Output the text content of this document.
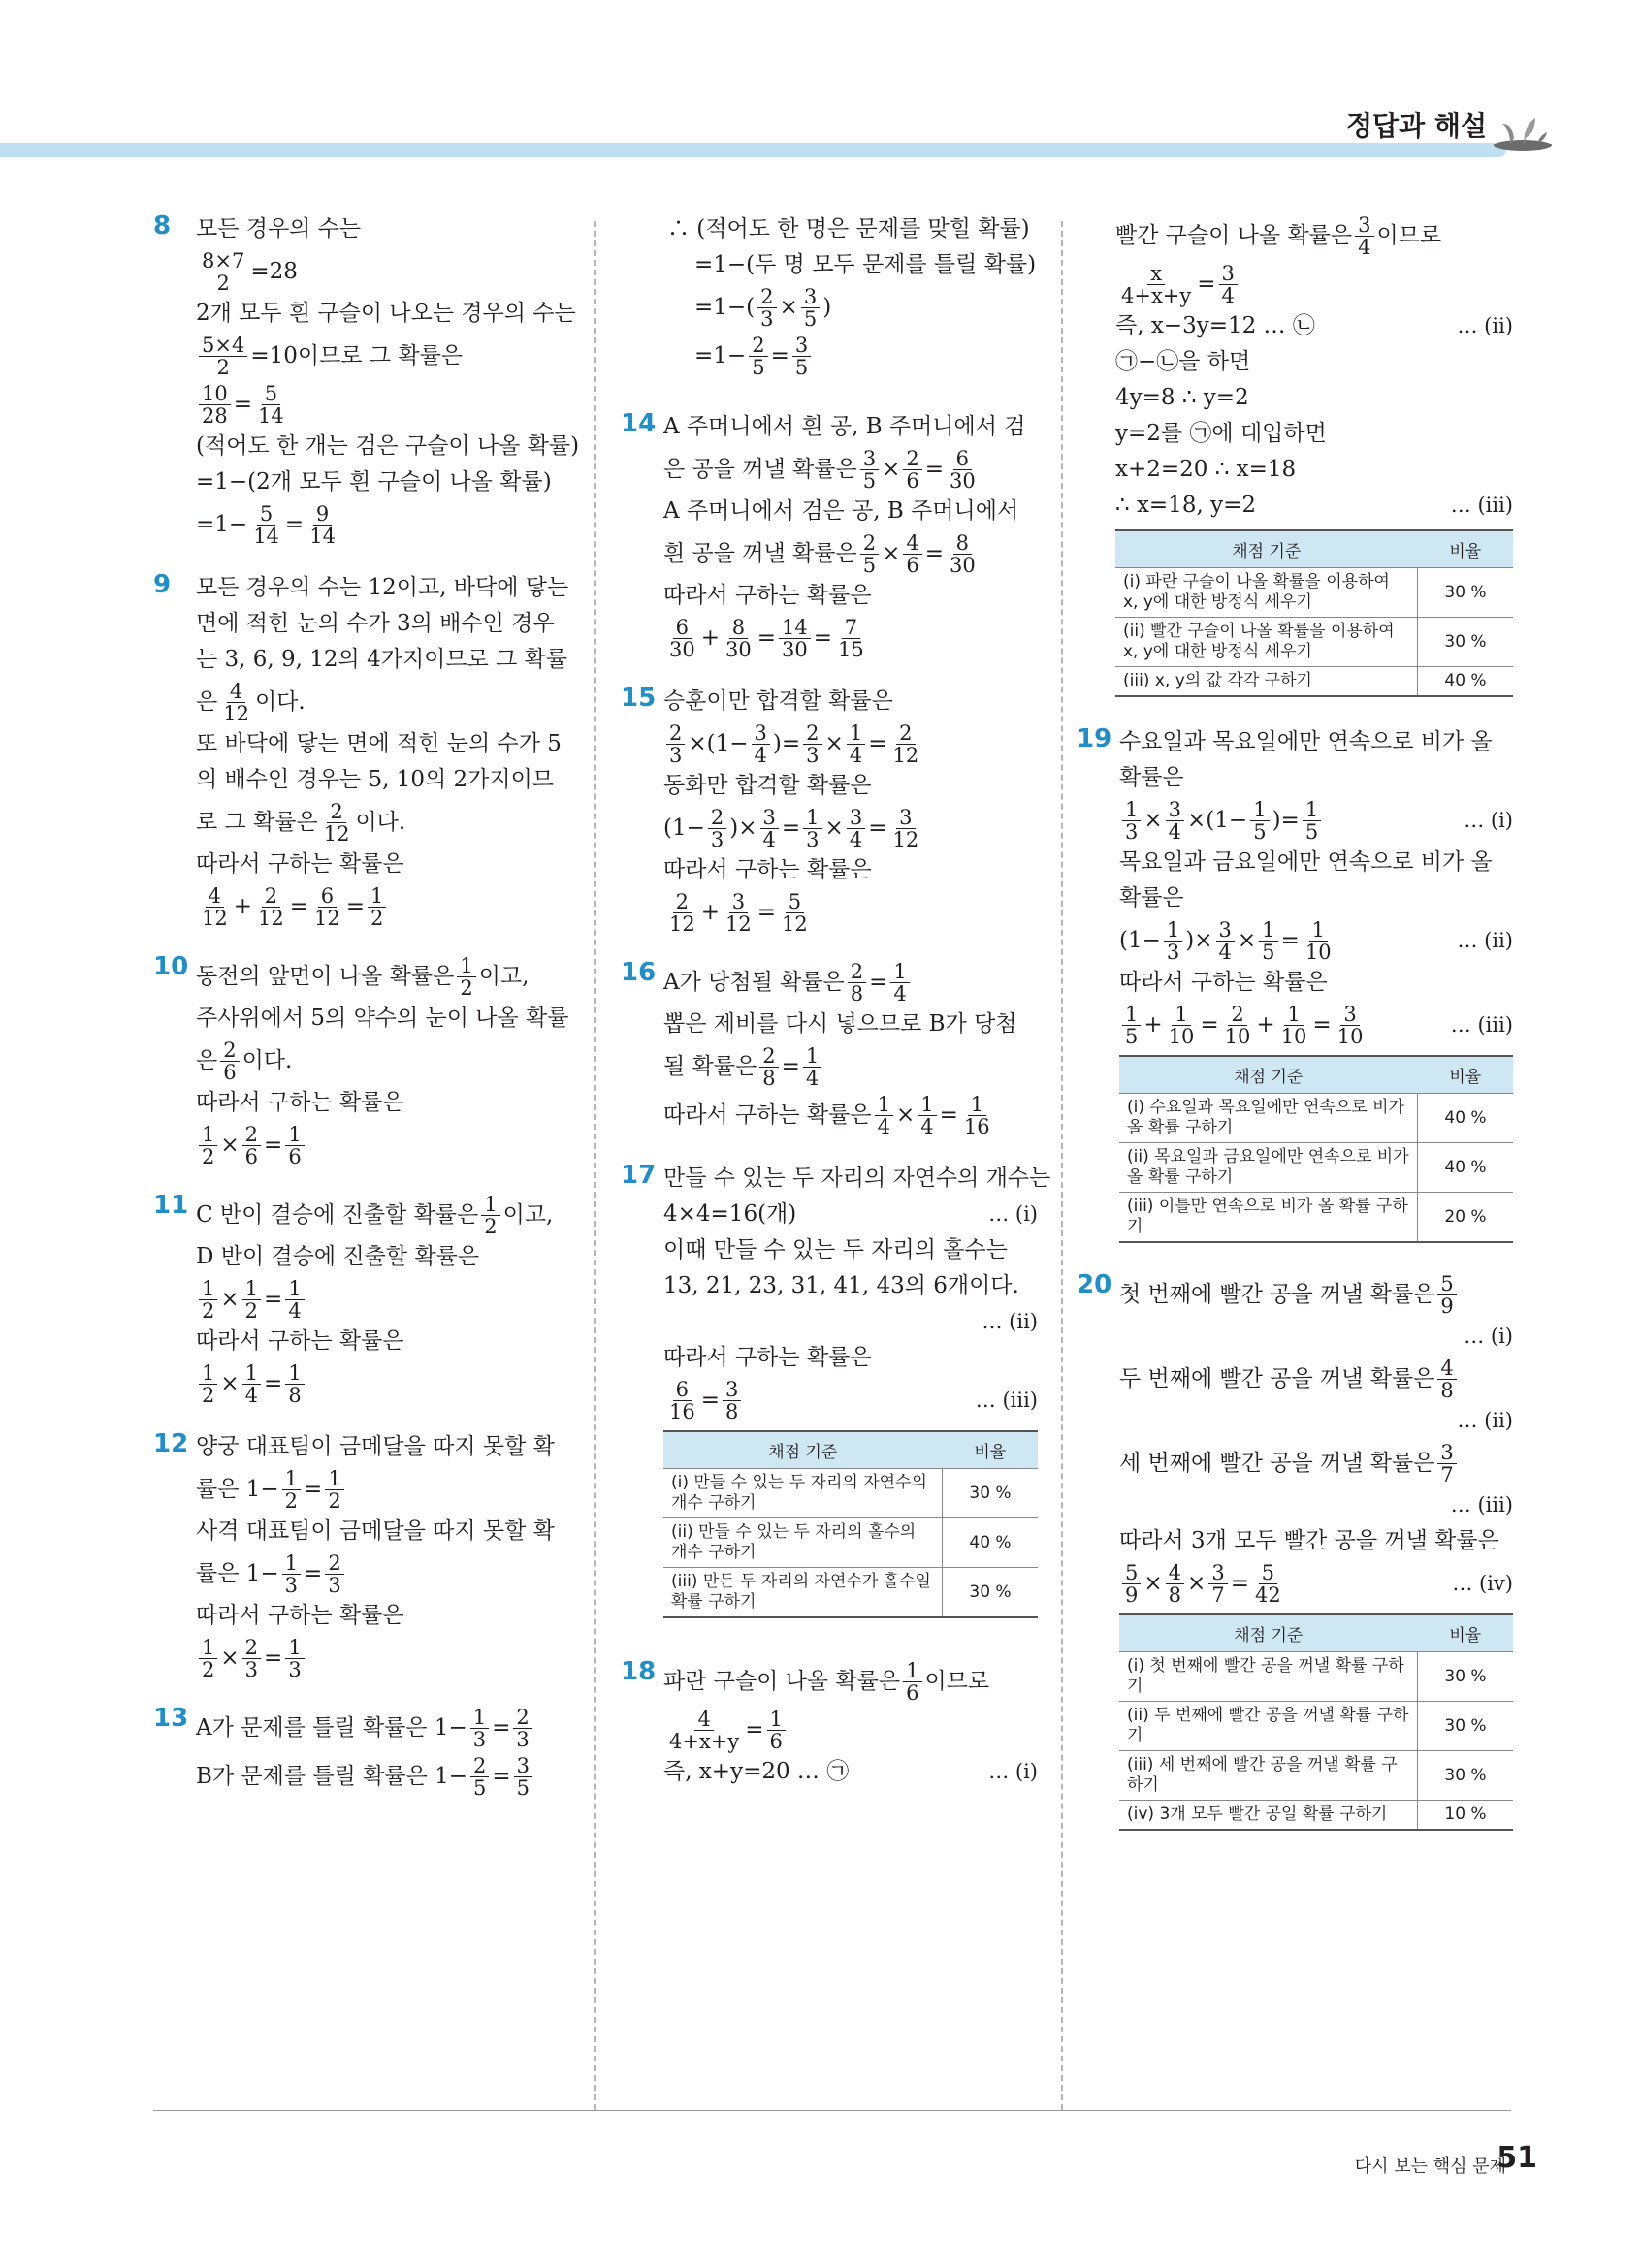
정답과 해설
8 모든 경우의 수는
$\frac{8\times 7}{2} =28$
2개 모두 흰 구슬이 나오는 경우의 수는
$\frac{5\times 4}{2} =10$이므로 그 확률은
$\frac{10}{28} = \frac{5}{14}$
(적어도 한 개는 검은 구슬이 나올 확률)
=1−(2개 모두 흰 구슬이 나올 확률)
$=1- \frac{5}{14} = \frac{9}{14}$
9 모든 경우의 수는 12이고, 바닥에 닿는
면에 적힌 눈의 수가 3의 배수인 경우
는 3, 6, 9, 12의 4가지이므로 그 확률
은 $\frac{4}{12}$ 이다.
또 바닥에 닿는 면에 적힌 눈의 수가 5
의 배수인 경우는 5, 10의 2가지이므
로 그 확률은 $\frac{2}{12}$ 이다.
따라서 구하는 확률은
$\frac{4}{12} + \frac{2}{12} = \frac{6}{12} = \frac{1}{2}$
10 동전의 앞면이 나올 확률은 $\frac{1}{2}$ 이고,
주사위에서 5의 약수의 눈이 나올 확률
은 $\frac{2}{6}$ 이다.
따라서 구하는 확률은
$\frac{1}{2} \times \frac{2}{6} = \frac{1}{6}$
11 C 반이 결승에 진출할 확률은 $\frac{1}{2}$ 이고,
D 반이 결승에 진출할 확률은
$\frac{1}{2} \times \frac{1}{2} = \frac{1}{4}$
따라서 구하는 확률은
$\frac{1}{2} \times \frac{1}{4} = \frac{1}{8}$
12 양궁 대표팀이 금메달을 따지 못할 확
률은 $1- \frac{1}{2} = \frac{1}{2}$
사격 대표팀이 금메달을 따지 못할 확
률은 $1- \frac{1}{3} = \frac{2}{3}$
따라서 구하는 확률은
$\frac{1}{2} \times \frac{2}{3} = \frac{1}{3}$
13 A가 문제를 틀릴 확률은 $1- \frac{1}{3} = \frac{2}{3}$
B가 문제를 틀릴 확률은 $1- \frac{2}{5} = \frac{3}{5}$
∴ (적어도 한 명은 문제를 맞힐 확률)
=1−(두 명 모두 문제를 틀릴 확률)
$=1-( \frac{2}{3} \times \frac{3}{5}$ )
$=1- \frac{2}{5} = \frac{3}{5}$
14 A 주머니에서 흰 공, B 주머니에서 검
은 공을 꺼낼 확률은 $\frac{3}{5} \times \frac{2}{6} = \frac{6}{30}$
A 주머니에서 검은 공, B 주머니에서
흰 공을 꺼낼 확률은 $\frac{2}{5} \times \frac{4}{6} = \frac{8}{30}$
따라서 구하는 확률은
$\frac{6}{30} + \frac{8}{30} = \frac{14}{30} = \frac{7}{15}$
15 승훈이만 합격할 확률은
$\frac{2}{3} \times(1- \frac{3}{4}$ )= $\frac{2}{3} \times \frac{1}{4} = \frac{2}{12}$
동화만 합격할 확률은
($1- \frac{2}{3}$ )× $\frac{3}{4} = \frac{1}{3} \times \frac{3}{4} = \frac{3}{12}$
따라서 구하는 확률은
$\frac{2}{12} + \frac{3}{12} = \frac{5}{12}$
16 A가 당첨될 확률은 $\frac{2}{8} = \frac{1}{4}$
뽑은 제비를 다시 넣으므로 B가 당첨
될 확률은 $\frac{2}{8} = \frac{1}{4}$
따라서 구하는 확률은 $\frac{1}{4} \times \frac{1}{4} = \frac{1}{16}$
17 만들 수 있는 두 자리의 자연수의 개수는
4×4=16(개)	… (i)
이때 만들 수 있는 두 자리의 홀수는
13, 21, 23, 31, 41, 43의 6개이다.
… (ii)
따라서 구하는 확률은
$\frac{6}{16} = \frac{3}{8}$	… (iii)
채점 기준	비율
(i) 만들 수 있는 두 자리의 자연수의 개수 구하기	30 %
(ii) 만들 수 있는 두 자리의 홀수의 개수 구하기	40 %
(iii) 만든 두 자리의 자연수가 홀수일 확률 구하기	30 %
18 파란 구슬이 나올 확률은 $\frac{1}{6}$ 이므로
$\frac{4}{4+x+y} = \frac{1}{6}$
즉, x+y=20 … ㉠	… (i)
빨간 구슬이 나올 확률은 $\frac{3}{4}$ 이므로
$\frac{x}{4+x+y} = \frac{3}{4}$
즉, x−3y=12 … ㉡	… (ii)
㉠−㉡을 하면
4y=8 ∴ y=2
y=2를 ㉠에 대입하면
x+2=20 ∴ x=18
∴ x=18, y=2	… (iii)
채점 기준	비율
(i) 파란 구슬이 나올 확률을 이용하여 x, y에 대한 방정식 세우기	30 %
(ii) 빨간 구슬이 나올 확률을 이용하여 x, y에 대한 방정식 세우기	30 %
(iii) x, y의 값 각각 구하기	40 %
19 수요일과 목요일에만 연속으로 비가 올
확률은
$\frac{1}{3} \times \frac{3}{4} \times(1- \frac{1}{5}$ )= $\frac{1}{5}$	… (i)
목요일과 금요일에만 연속으로 비가 올
확률은
($1- \frac{1}{3}$ )× $\frac{3}{4} \times \frac{1}{5} = \frac{1}{10}$	… (ii)
따라서 구하는 확률은
$\frac{1}{5} + \frac{1}{10} = \frac{2}{10} + \frac{1}{10} = \frac{3}{10}$	… (iii)
채점 기준	비율
(i) 수요일과 목요일에만 연속으로 비가 올 확률 구하기	40 %
(ii) 목요일과 금요일에만 연속으로 비가 올 확률 구하기	40 %
(iii) 이틀만 연속으로 비가 올 확률 구하기	20 %
20 첫 번째에 빨간 공을 꺼낼 확률은 $\frac{5}{9}$
… (i)
두 번째에 빨간 공을 꺼낼 확률은 $\frac{4}{8}$
… (ii)
세 번째에 빨간 공을 꺼낼 확률은 $\frac{3}{7}$
… (iii)
따라서 3개 모두 빨간 공을 꺼낼 확률은
$\frac{5}{9} \times \frac{4}{8} \times \frac{3}{7} = \frac{5}{42}$	… (iv)
채점 기준	비율
(i) 첫 번째에 빨간 공을 꺼낼 확률 구하기	30 %
(ii) 두 번째에 빨간 공을 꺼낼 확률 구하기	30 %
(iii) 세 번째에 빨간 공을 꺼낼 확률 구하기	30 %
(iv) 3개 모두 빨간 공일 확률 구하기	10 %
다시 보는 핵심 문제
51
